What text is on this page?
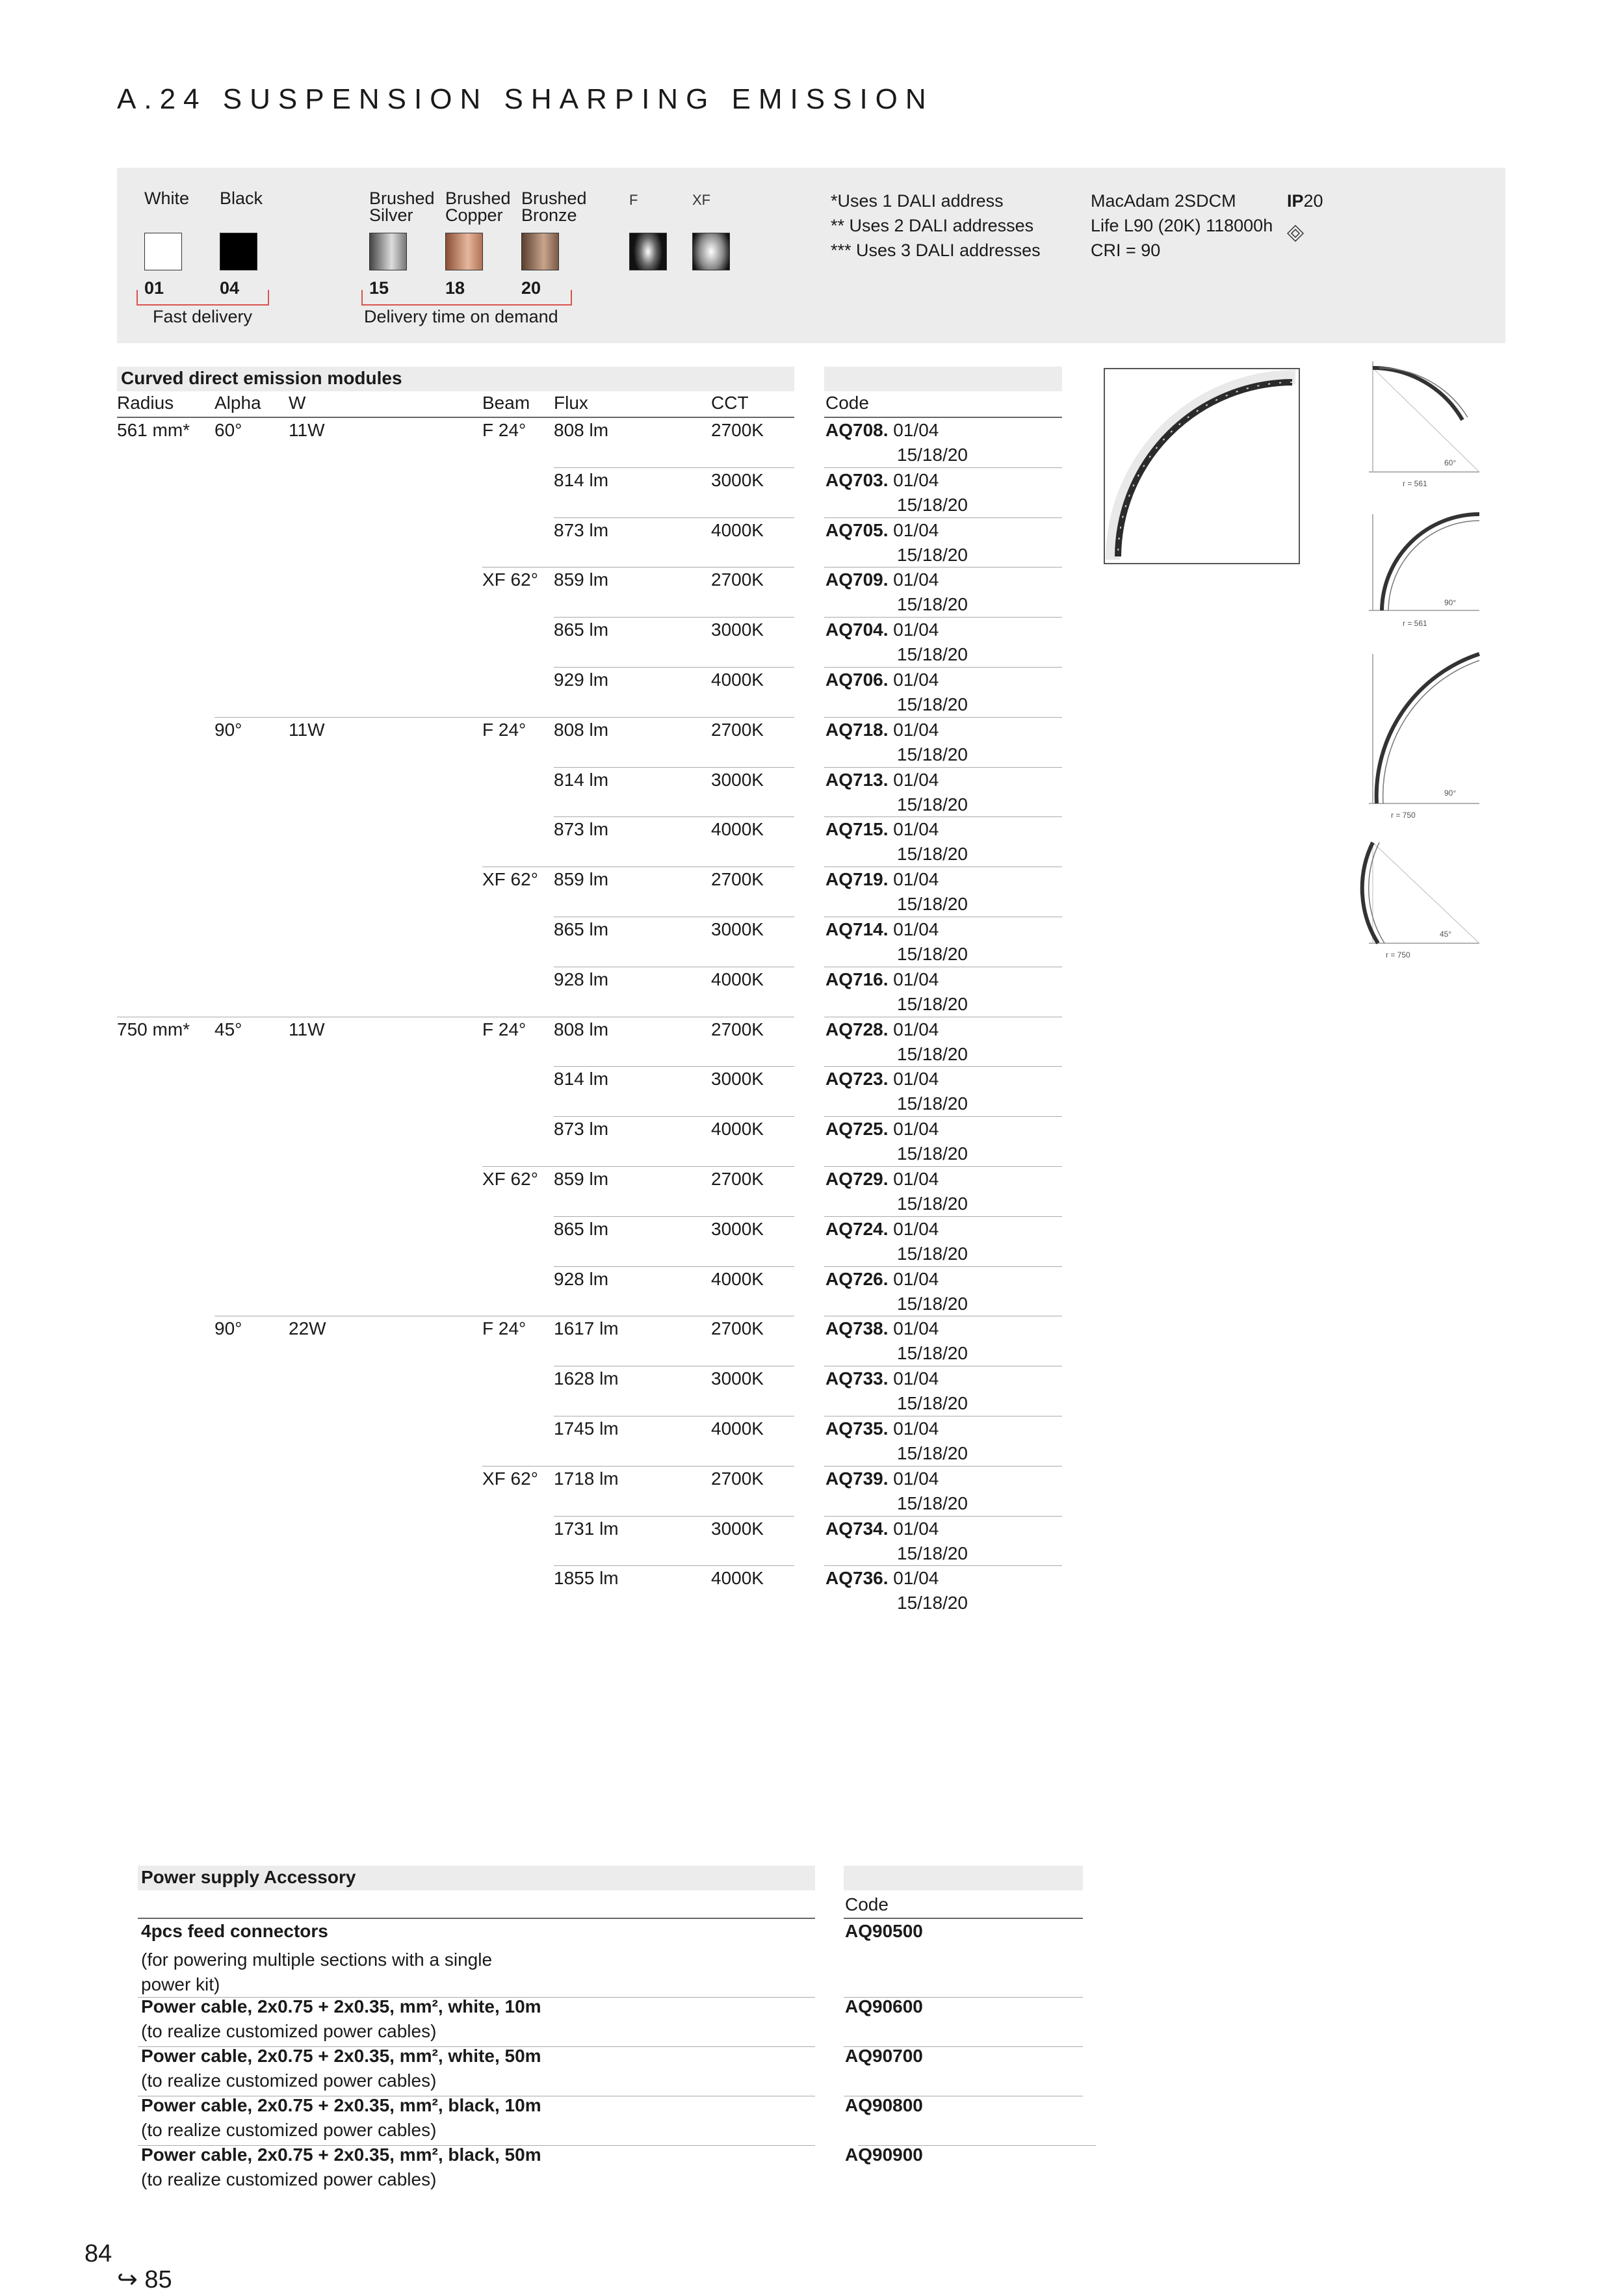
A.24 SUSPENSION SHARPING EMISSION
White Black
01	04
Fast delivery
Brushed
Silver
Brushed
Copper
Brushed
Bronze
15	18	20
Delivery time on demand
F	XF	*Uses 1 DALI address
** Uses 2 DALI addresses
*** Uses 3 DALI addresses
MacAdam 2SDCM
Life L90 (20K) 118000h
CRI = 90
IP20
Curved direct emission modules
Radius Alpha W	Beam Flux	CCT	Code
561 mm* 60°	11W	F 24° 808 lm	2700K	AQ708. 01/04
15/18/20
814 lm	3000K	AQ703. 01/04
15/18/20
873 lm	4000K	AQ705. 01/04
15/18/20
XF 62° 859 lm	2700K	AQ709. 01/04
15/18/20
865 lm	3000K	AQ704. 01/04
15/18/20
929 lm	4000K	AQ706. 01/04
15/18/20
90°	11W	F 24° 808 lm	2700K	AQ718. 01/04
15/18/20
814 lm	3000K	AQ713. 01/04
15/18/20
873 lm	4000K	AQ715. 01/04
15/18/20
XF 62° 859 lm	2700K	AQ719. 01/04
15/18/20
865 lm	3000K	AQ714. 01/04
15/18/20
928 lm	4000K	AQ716. 01/04
15/18/20
750 mm* 45°	11W	F 24° 808 lm	2700K	AQ728. 01/04
15/18/20
814 lm	3000K	AQ723. 01/04
15/18/20
873 lm	4000K	AQ725. 01/04
15/18/20
XF 62° 859 lm	2700K	AQ729. 01/04
15/18/20
865 lm	3000K	AQ724. 01/04
15/18/20
928 lm	4000K	AQ726. 01/04
15/18/20
90°	22W	F 24° 1617 lm	2700K	AQ738. 01/04
15/18/20
1628 lm	3000K	AQ733. 01/04
15/18/20
1745 lm	4000K	AQ735. 01/04
15/18/20
XF 62° 1718 lm	2700K	AQ739. 01/04
15/18/20
1731 lm	3000K	AQ734. 01/04
15/18/20
1855 lm	4000K	AQ736. 01/04
15/18/20
60°
r = 561
90°
r = 561
90°
r = 750
45°
r = 750
Power supply Accessory
Code
4pcs feed connectors
(for powering multiple sections with a single
power kit)
AQ90500
Power cable, 2x0.75 + 2x0.35, mm², white, 10m
(to realize customized power cables)
AQ90600
Power cable, 2x0.75 + 2x0.35, mm², white, 50m
(to realize customized power cables)
AQ90700
Power cable, 2x0.75 + 2x0.35, mm², black, 10m
(to realize customized power cables)
AQ90800
Power cable, 2x0.75 + 2x0.35, mm², black, 50m
(to realize customized power cables)
AQ90900
84
↪ 85
